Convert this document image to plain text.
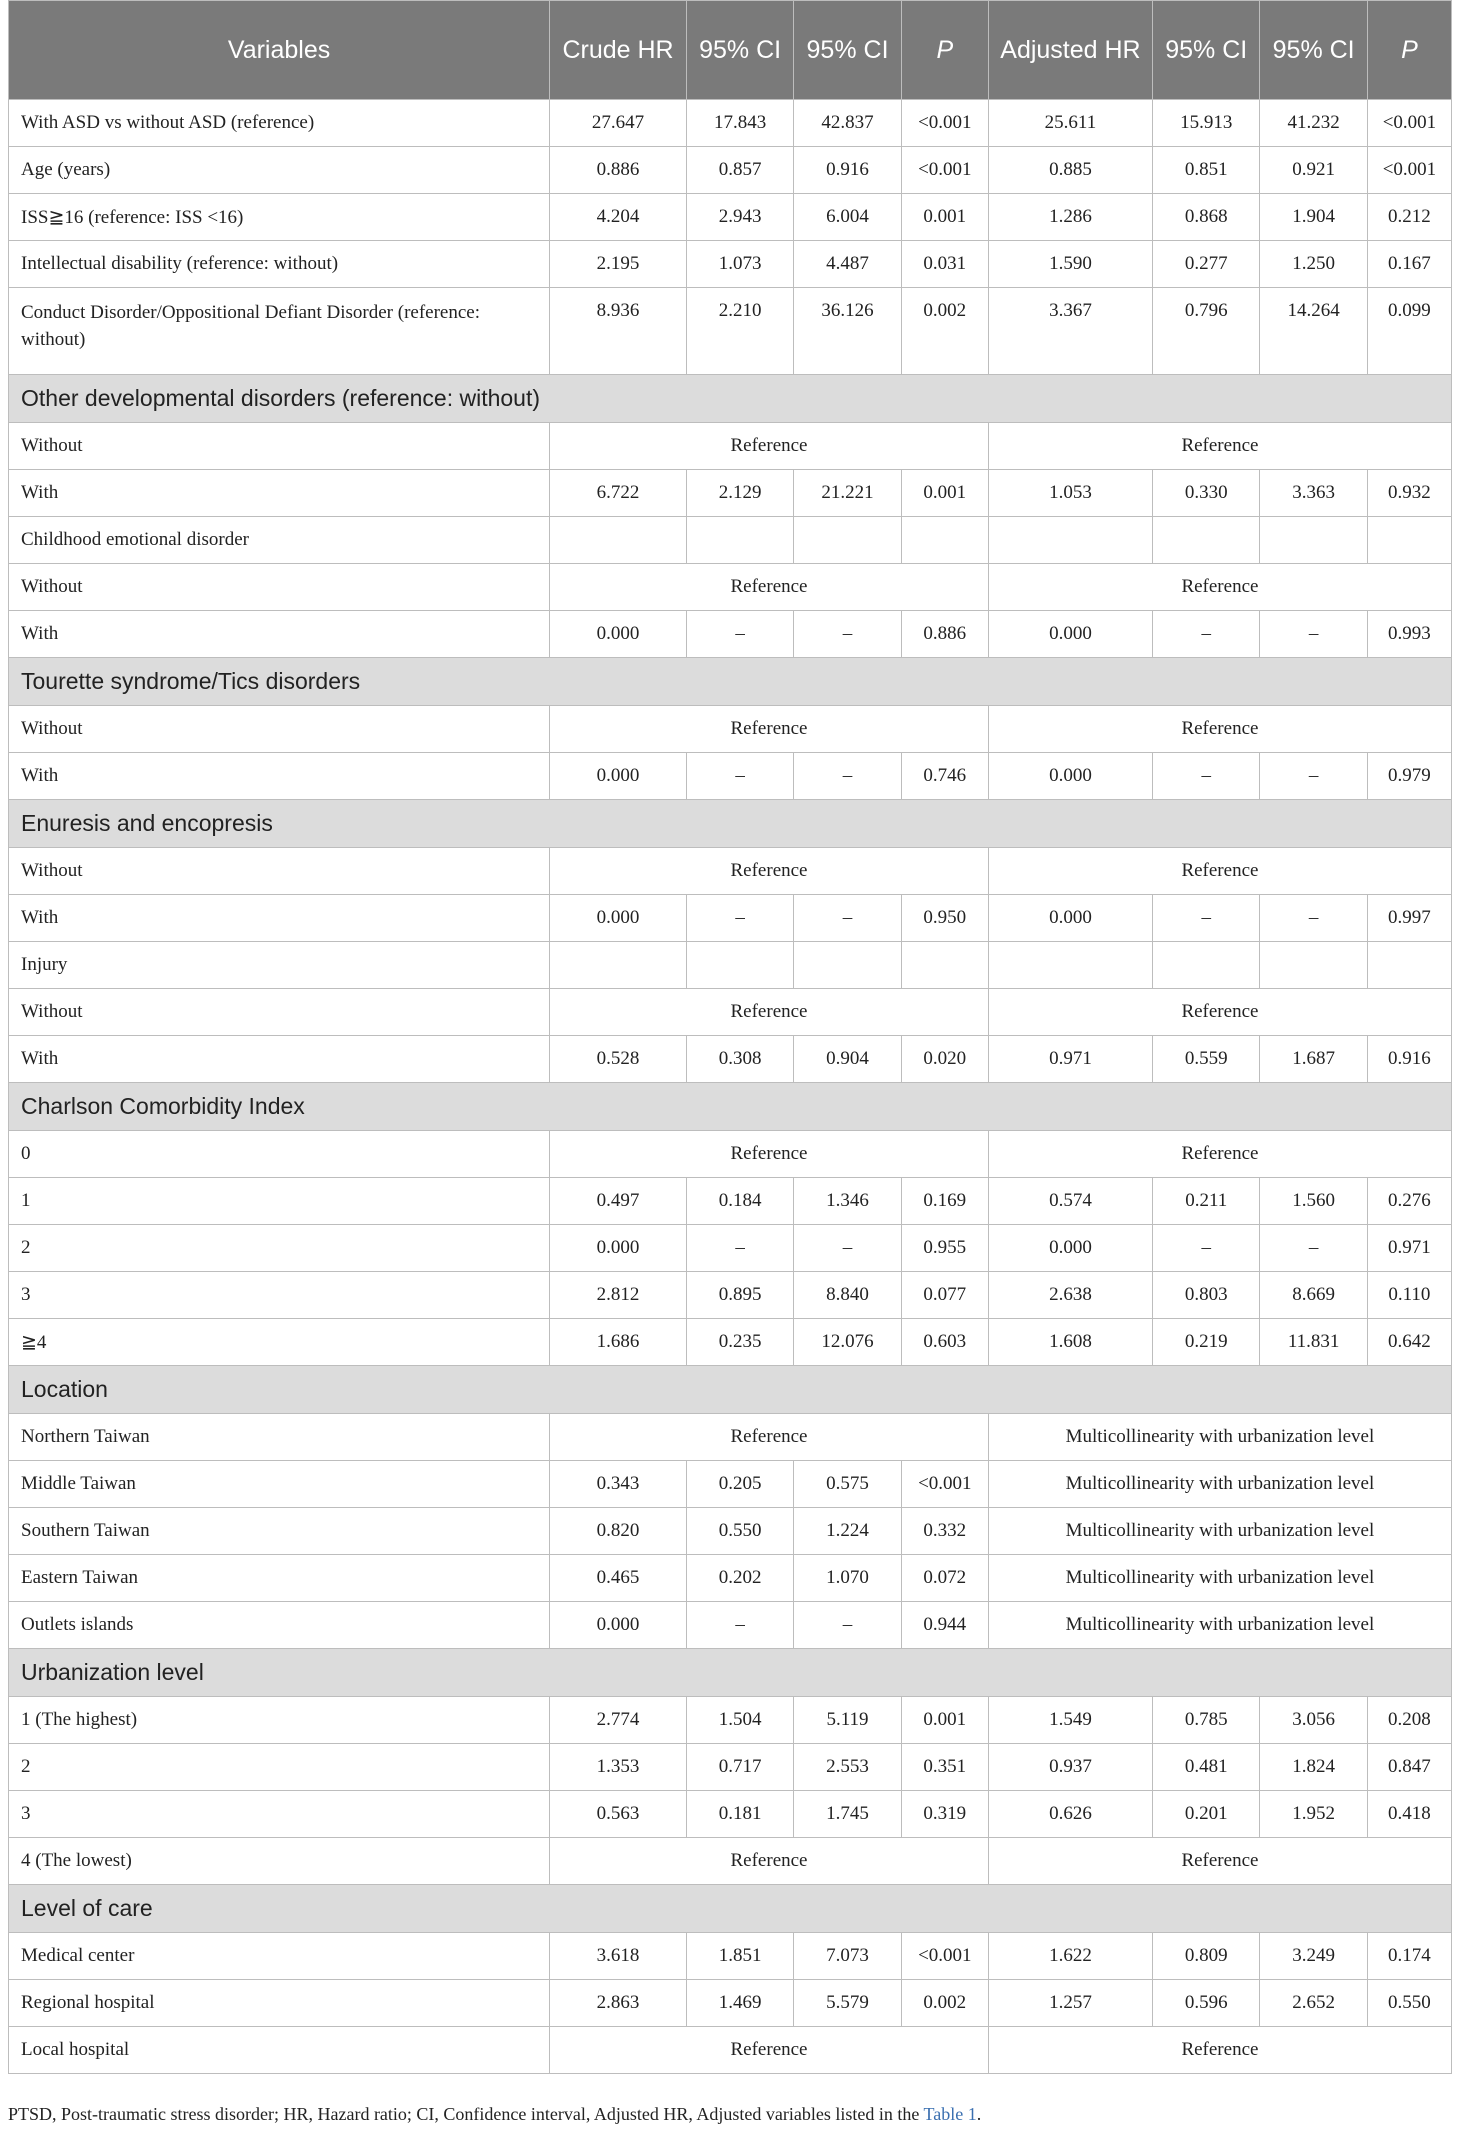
Variables	Crude HR	95% CI	95% CI	P	Adjusted HR	95% CI	95% CI	P
With ASD vs without ASD (reference)	27.647	17.843	42.837	<0.001	25.611	15.913	41.232	<0.001
Age (years)	0.886	0.857	0.916	<0.001	0.885	0.851	0.921	<0.001
ISS≧16 (reference: ISS <16)	4.204	2.943	6.004	0.001	1.286	0.868	1.904	0.212
Intellectual disability (reference: without)	2.195	1.073	4.487	0.031	1.590	0.277	1.250	0.167
Conduct Disorder/Oppositional Defiant Disorder (reference: without)	8.936	2.210	36.126	0.002	3.367	0.796	14.264	0.099
Other developmental disorders (reference: without)								
Without	Reference				Reference			
With	6.722	2.129	21.221	0.001	1.053	0.330	3.363	0.932
Childhood emotional disorder								
Without	Reference				Reference			
With	0.000	–	–	0.886	0.000	–	–	0.993
Tourette syndrome/Tics disorders								
Without	Reference				Reference			
With	0.000	–	–	0.746	0.000	–	–	0.979
Enuresis and encopresis								
Without	Reference				Reference			
With	0.000	–	–	0.950	0.000	–	–	0.997
Injury								
Without	Reference				Reference			
With	0.528	0.308	0.904	0.020	0.971	0.559	1.687	0.916
Charlson Comorbidity Index								
0	Reference				Reference			
1	0.497	0.184	1.346	0.169	0.574	0.211	1.560	0.276
2	0.000	–	–	0.955	0.000	–	–	0.971
3	2.812	0.895	8.840	0.077	2.638	0.803	8.669	0.110
≧4	1.686	0.235	12.076	0.603	1.608	0.219	11.831	0.642
Location								
Northern Taiwan	Reference				Multicollinearity with urbanization level			
Middle Taiwan	0.343	0.205	0.575	<0.001	Multicollinearity with urbanization level			
Southern Taiwan	0.820	0.550	1.224	0.332	Multicollinearity with urbanization level			
Eastern Taiwan	0.465	0.202	1.070	0.072	Multicollinearity with urbanization level			
Outlets islands	0.000	–	–	0.944	Multicollinearity with urbanization level			
Urbanization level								
1 (The highest)	2.774	1.504	5.119	0.001	1.549	0.785	3.056	0.208
2	1.353	0.717	2.553	0.351	0.937	0.481	1.824	0.847
3	0.563	0.181	1.745	0.319	0.626	0.201	1.952	0.418
4 (The lowest)	Reference				Reference			
Level of care								
Medical center	3.618	1.851	7.073	<0.001	1.622	0.809	3.249	0.174
Regional hospital	2.863	1.469	5.579	0.002	1.257	0.596	2.652	0.550
Local hospital	Reference				Reference			
PTSD, Post-traumatic stress disorder; HR, Hazard ratio; CI, Confidence interval, Adjusted HR, Adjusted variables listed in the Table 1.
